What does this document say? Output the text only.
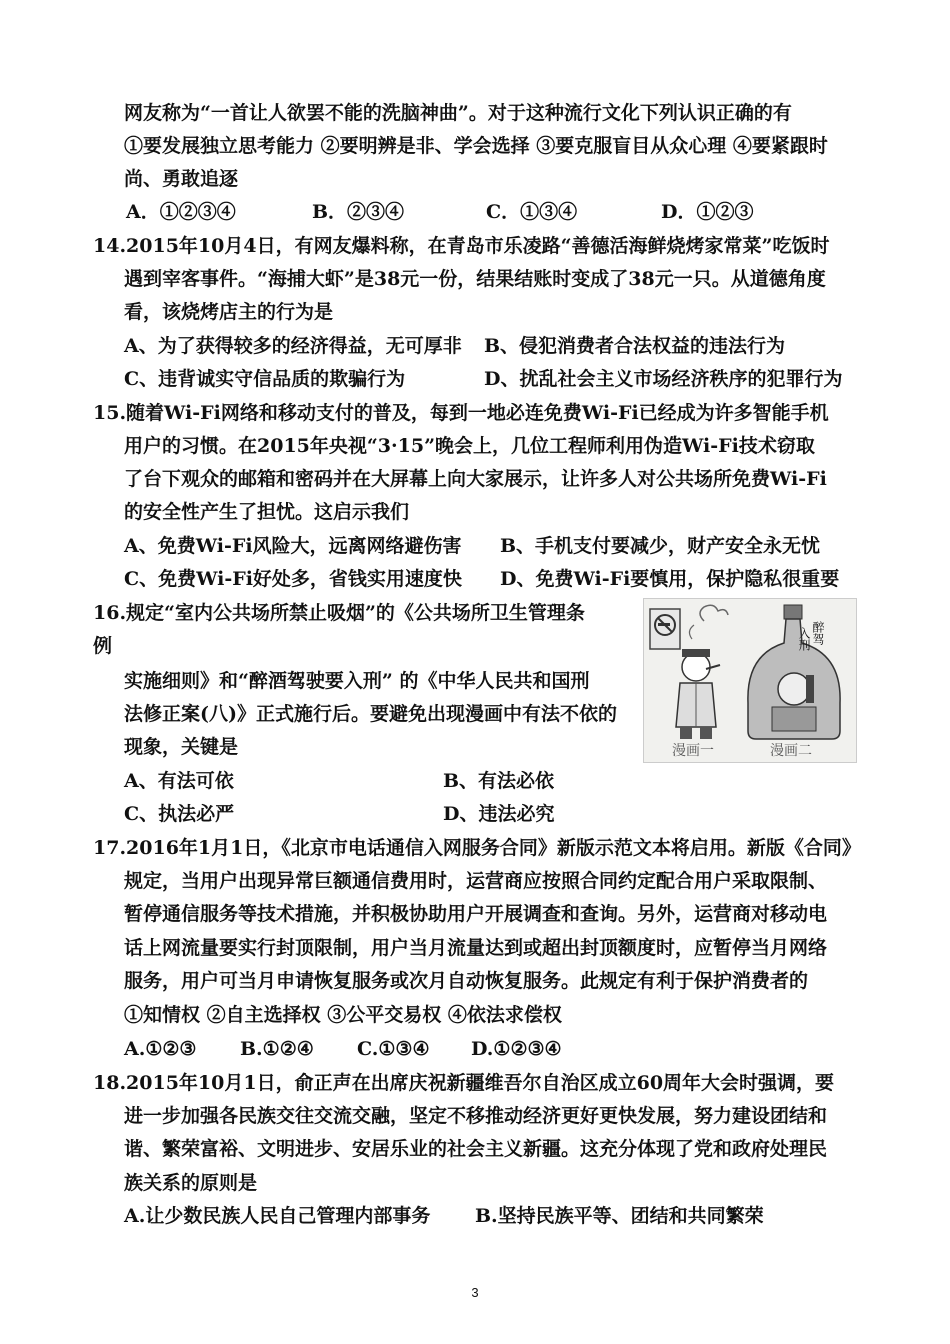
网友称为“一首让人欲罢不能的洗脑神曲”。对于这种流行文化下列认识正确的有
①要发展独立思考能力 ②要明辨是非、学会选择 ③要克服盲目从众心理 ④要紧跟时
尚、勇敢追逐
A．①②③④	B．②③④	C．①③④	D．①②③
14.2015年10月4日，有网友爆料称，在青岛市乐凌路“善德活海鲜烧烤家常菜”吃饭时
遇到宰客事件。“海捕大虾”是38元一份，结果结账时变成了38元一只。从道德角度
看，该烧烤店主的行为是
A、为了获得较多的经济得益，无可厚非 B、侵犯消费者合法权益的违法行为
C、违背诚实守信品质的欺骗行为	D、扰乱社会主义市场经济秩序的犯罪行为
15.随着Wi-Fi网络和移动支付的普及，每到一地必连免费Wi-Fi已经成为许多智能手机
用户的习惯。在2015年央视“3·15”晚会上，几位工程师利用伪造Wi-Fi技术窃取
了台下观众的邮箱和密码并在大屏幕上向大家展示，让许多人对公共场所免费Wi-Fi
的安全性产生了担忧。这启示我们
A、免费Wi-Fi风险大，远离网络避伤害 B、手机支付要减少，财产安全永无忧
C、免费Wi-Fi好处多，省钱实用速度快 D、免费Wi-Fi要慎用，保护隐私很重要
16.规定“室内公共场所禁止吸烟”的《公共场所卫生管理条
例
实施细则》和“醉酒驾驶要入刑” 的《中华人民共和国刑
法修正案(八)》正式施行后。要避免出现漫画中有法不依的
现象，关键是
A、有法可依	B、有法必依
C、执法必严	D、违法必究
醉驾
入刑
漫画一	漫画二
17.2016年1月1日，《北京市电话通信入网服务合同》新版示范文本将启用。新版《合同》
规定，当用户出现异常巨额通信费用时，运营商应按照合同约定配合用户采取限制、
暂停通信服务等技术措施，并积极协助用户开展调查和查询。另外，运营商对移动电
话上网流量要实行封顶限制，用户当月流量达到或超出封顶额度时，应暂停当月网络
服务，用户可当月申请恢复服务或次月自动恢复服务。此规定有利于保护消费者的
①知情权 ②自主选择权 ③公平交易权 ④依法求偿权
A.①②③ B.①②④ C.①③④ D.①②③④
18.2015年10月1日，俞正声在出席庆祝新疆维吾尔自治区成立60周年大会时强调，要
进一步加强各民族交往交流交融，坚定不移推动经济更好更快发展，努力建设团结和
谐、繁荣富裕、文明进步、安居乐业的社会主义新疆。这充分体现了党和政府处理民
族关系的原则是
A.让少数民族人民自己管理内部事务 B.坚持民族平等、团结和共同繁荣
3
